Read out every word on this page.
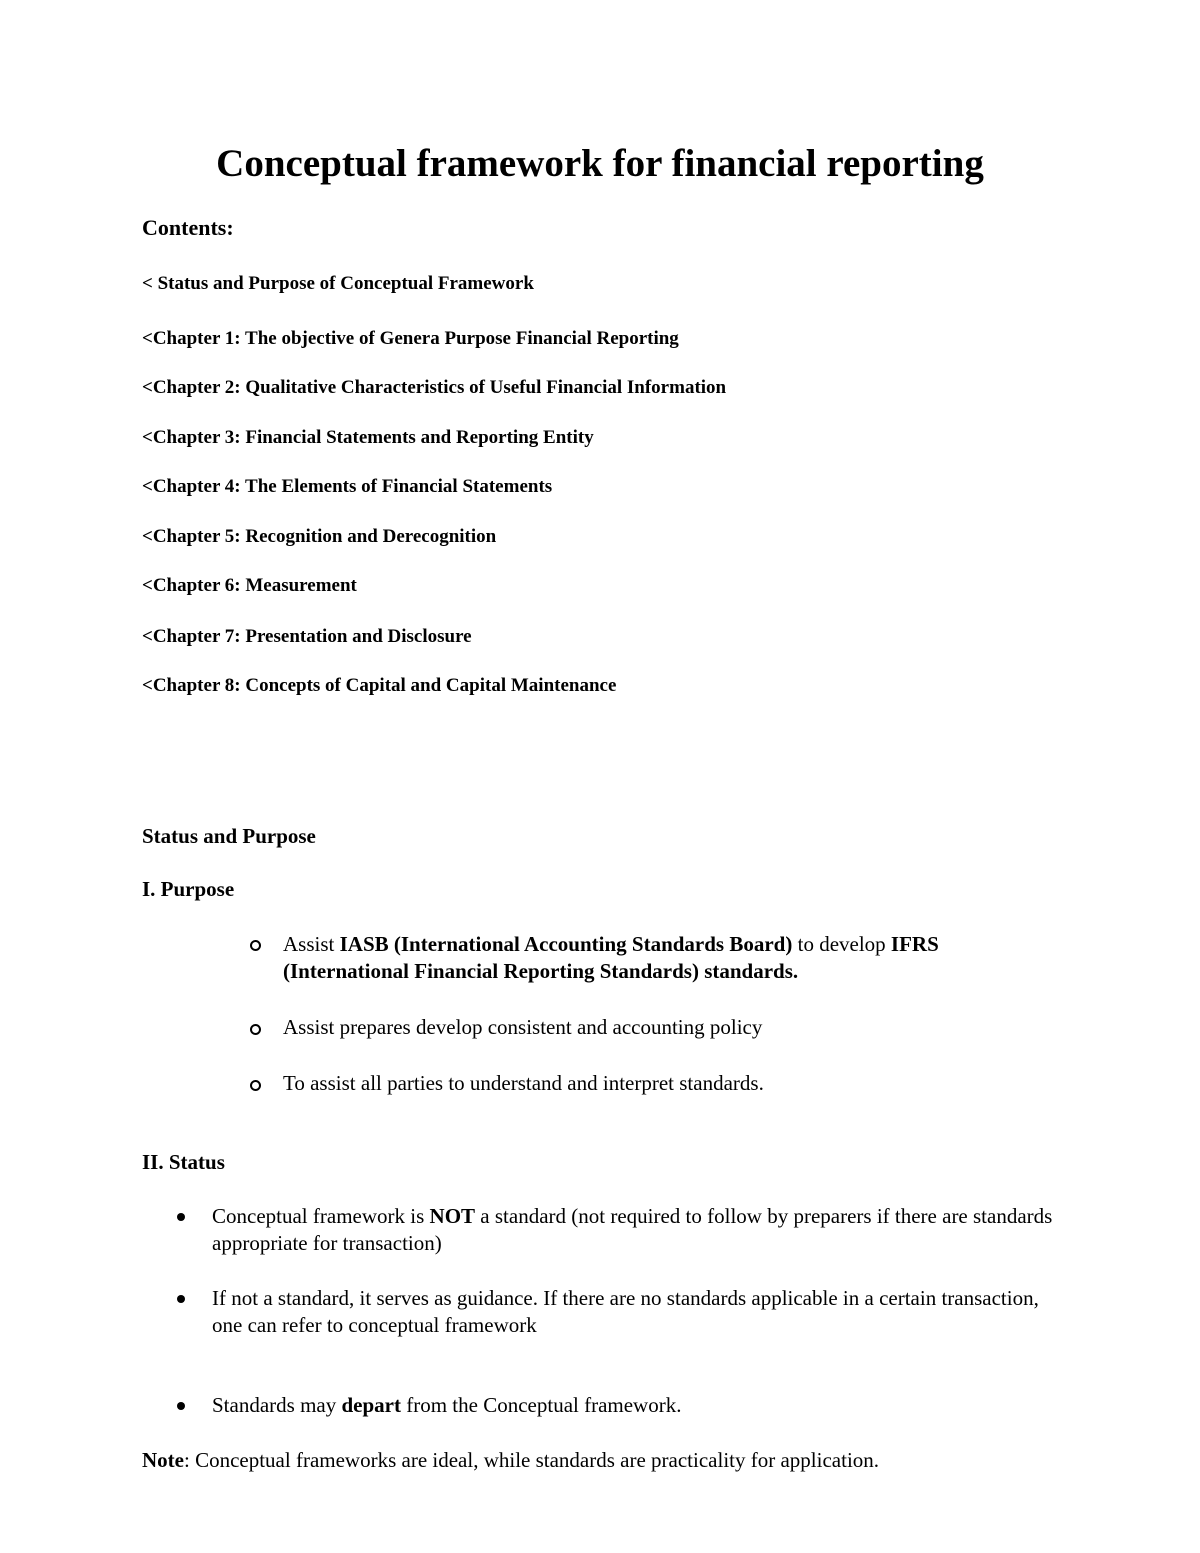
Conceptual framework for financial reporting
Contents:
< Status and Purpose of Conceptual Framework
<Chapter 1: The objective of Genera Purpose Financial Reporting
<Chapter 2: Qualitative Characteristics of Useful Financial Information
<Chapter 3: Financial Statements and Reporting Entity
<Chapter 4: The Elements of Financial Statements
<Chapter 5: Recognition and Derecognition
<Chapter 6: Measurement
<Chapter 7: Presentation and Disclosure
<Chapter 8: Concepts of Capital and Capital Maintenance
Status and Purpose
I. Purpose
Assist IASB (International Accounting Standards Board) to develop IFRS (International Financial Reporting Standards) standards.
Assist prepares develop consistent and accounting policy
To assist all parties to understand and interpret standards.
II. Status
Conceptual framework is NOT a standard (not required to follow by preparers if there are standards appropriate for transaction)
If not a standard, it serves as guidance. If there are no standards applicable in a certain transaction, one can refer to conceptual framework
Standards may depart from the Conceptual framework.
Note: Conceptual frameworks are ideal, while standards are practicality for application.
